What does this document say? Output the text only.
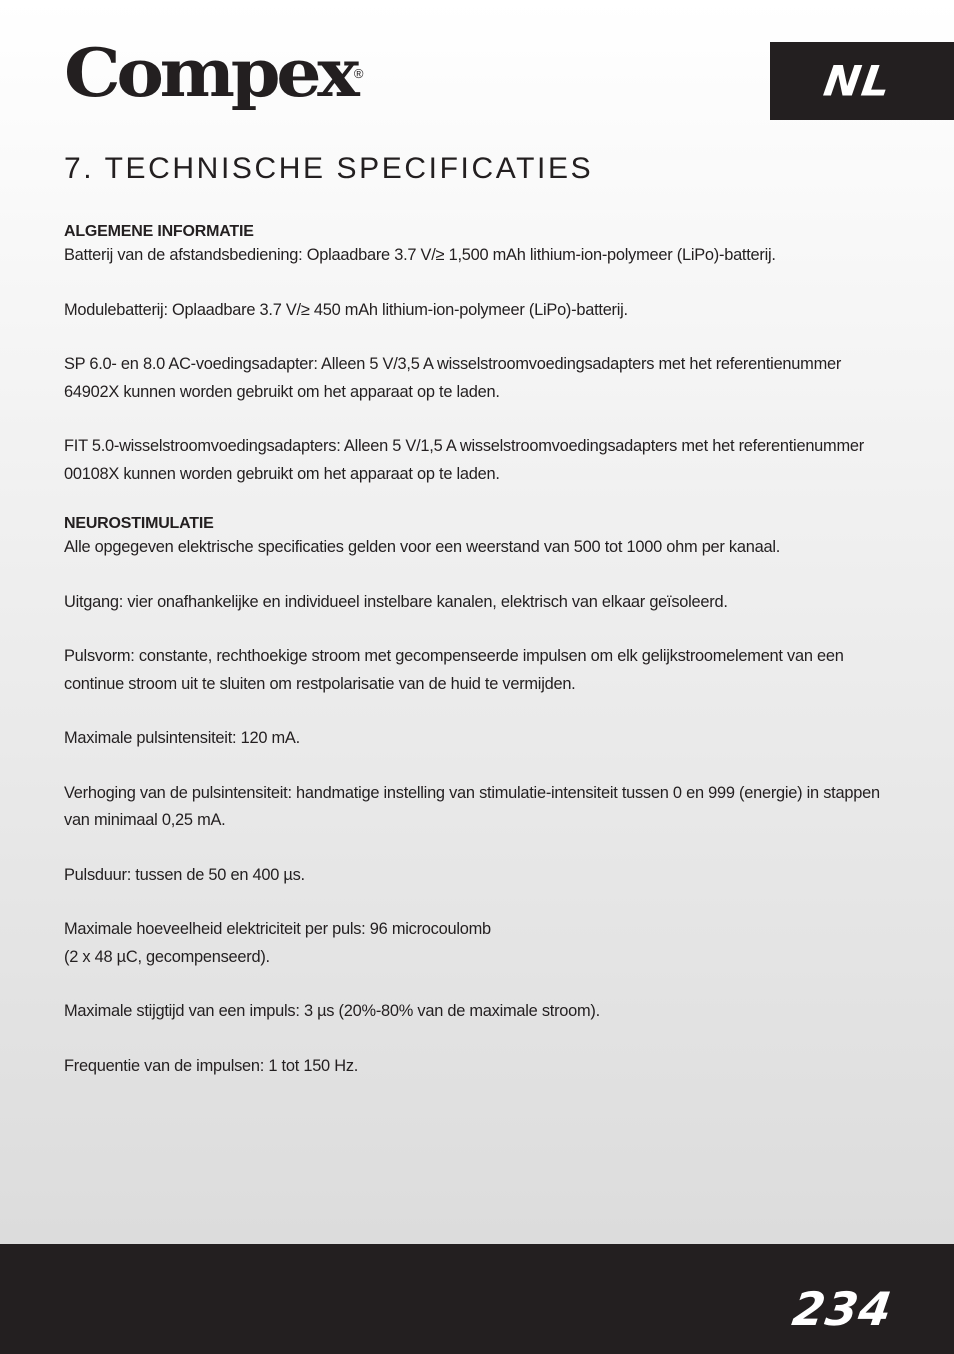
Compex
®	NL
7. TECHNISCHE SPECIFICATIES
ALGEMENE INFORMATIE

Batterij van de afstandsbediening: Oplaadbare 3.7 V/≥ 1,500 mAh lithium-ion-polymeer (LiPo)-batterij.

Modulebatterij: Oplaadbare 3.7 V/≥ 450 mAh lithium-ion-polymeer (LiPo)-batterij.

SP 6.0- en 8.0 AC-voedingsadapter: Alleen 5 V/3,5 A wisselstroomvoedingsadapters met het referentienummer 64902X kunnen worden gebruikt om het apparaat op te laden.

FIT 5.0-wisselstroomvoedingsadapters: Alleen 5 V/1,5 A wisselstroomvoedingsadapters met het referentienummer 00108X kunnen worden gebruikt om het apparaat op te laden.

NEUROSTIMULATIE

Alle opgegeven elektrische specificaties gelden voor een weerstand van 500 tot 1000 ohm per kanaal.

Uitgang: vier onafhankelijke en individueel instelbare kanalen, elektrisch van elkaar geïsoleerd.

Pulsvorm: constante, rechthoekige stroom met gecompenseerde impulsen om elk gelijkstroomelement van een continue stroom uit te sluiten om restpolarisatie van de huid te vermijden.

Maximale pulsintensiteit: 120 mA.

Verhoging van de pulsintensiteit: handmatige instelling van stimulatie-intensiteit tussen 0 en 999 (energie) in stappen van minimaal 0,25 mA.

Pulsduur: tussen de 50 en 400 µs.

Maximale hoeveelheid elektriciteit per puls: 96 microcoulomb
(2 x 48 µC, gecompenseerd).

Maximale stijgtijd van een impuls: 3 µs (20%-80% van de maximale stroom).

Frequentie van de impulsen: 1 tot 150 Hz.

234
